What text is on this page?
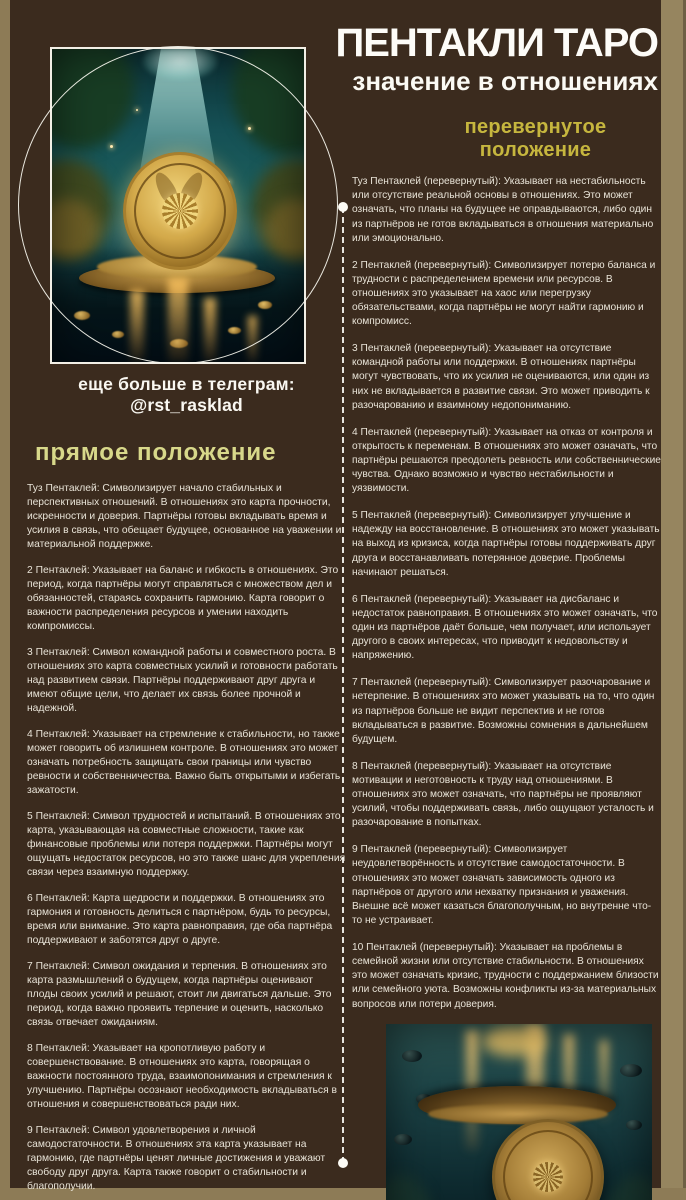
ПЕНТАКЛИ ТАРО
значение в отношениях
еще больше в телеграм: @rst_rasklad
прямое положение

Туз Пентаклей: Символизирует начало стабильных и перспективных отношений. В отношениях это карта прочности, искренности и доверия. Партнёры готовы вкладывать время и усилия в связь, что обещает будущее, основанное на уважении и материальной поддержке.

2 Пентаклей: Указывает на баланс и гибкость в отношениях. Это период, когда партнёры могут справляться с множеством дел и обязанностей, стараясь сохранить гармонию. Карта говорит о важности распределения ресурсов и умении находить компромиссы.

3 Пентаклей: Символ командной работы и совместного роста. В отношениях это карта совместных усилий и готовности работать над развитием связи. Партнёры поддерживают друг друга и имеют общие цели, что делает их связь более прочной и надежной.

4 Пентаклей: Указывает на стремление к стабильности, но также может говорить об излишнем контроле. В отношениях это может означать потребность защищать свои границы или чувство ревности и собственничества. Важно быть открытыми и избегать зажатости.

5 Пентаклей: Символ трудностей и испытаний. В отношениях это карта, указывающая на совместные сложности, такие как финансовые проблемы или потеря поддержки. Партнёры могут ощущать недостаток ресурсов, но это также шанс для укрепления связи через взаимную поддержку.

6 Пентаклей: Карта щедрости и поддержки. В отношениях это гармония и готовность делиться с партнёром, будь то ресурсы, время или внимание. Это карта равноправия, где оба партнёра поддерживают и заботятся друг о друге.

7 Пентаклей: Символ ожидания и терпения. В отношениях это карта размышлений о будущем, когда партнёры оценивают плоды своих усилий и решают, стоит ли двигаться дальше. Это период, когда важно проявить терпение и оценить, насколько связь отвечает ожиданиям.

8 Пентаклей: Указывает на кропотливую работу и совершенствование. В отношениях это карта, говорящая о важности постоянного труда, взаимопонимания и стремления к улучшению. Партнёры осознают необходимость вкладываться в отношения и совершенствоваться ради них.

9 Пентаклей: Символ удовлетворения и личной самодостаточности. В отношениях эта карта указывает на гармонию, где партнёры ценят личные достижения и уважают свободу друг друга. Карта также говорит о стабильности и благополучии.

перевернутое положение

Туз Пентаклей (перевернутый): Указывает на нестабильность или отсутствие реальной основы в отношениях. Это может означать, что планы на будущее не оправдываются, либо один из партнёров не готов вкладываться в отношения материально или эмоционально.

2 Пентаклей (перевернутый): Символизирует потерю баланса и трудности с распределением времени или ресурсов. В отношениях это указывает на хаос или перегрузку обязательствами, когда партнёры не могут найти гармонию и компромисс.

3 Пентаклей (перевернутый): Указывает на отсутствие командной работы или поддержки. В отношениях партнёры могут чувствовать, что их усилия не оцениваются, или один из них не вкладывается в развитие связи. Это может приводить к разочарованию и взаимному недопониманию.

4 Пентаклей (перевернутый): Указывает на отказ от контроля и открытость к переменам. В отношениях это может означать, что партнёры решаются преодолеть ревность или собственнические чувства. Однако возможно и чувство нестабильности и уязвимости.

5 Пентаклей (перевернутый): Символизирует улучшение и надежду на восстановление. В отношениях это может указывать на выход из кризиса, когда партнёры готовы поддерживать друг друга и восстанавливать потерянное доверие. Проблемы начинают решаться.

6 Пентаклей (перевернутый): Указывает на дисбаланс и недостаток равноправия. В отношениях это может означать, что один из партнёров даёт больше, чем получает, или использует другого в своих интересах, что приводит к недовольству и напряжению.

7 Пентаклей (перевернутый): Символизирует разочарование и нетерпение. В отношениях это может указывать на то, что один из партнёров больше не видит перспектив и не готов вкладываться в развитие. Возможны сомнения в дальнейшем будущем.

8 Пентаклей (перевернутый): Указывает на отсутствие мотивации и неготовность к труду над отношениями. В отношениях это может означать, что партнёры не проявляют усилий, чтобы поддерживать связь, либо ощущают усталость и разочарование в попытках.

9 Пентаклей (перевернутый): Символизирует неудовлетворённость и отсутствие самодостаточности. В отношениях это может означать зависимость одного из партнёров от другого или нехватку признания и уважения. Внешне всё может казаться благополучным, но внутренне что-то не устраивает.

10 Пентаклей (перевернутый): Указывает на проблемы в семейной жизни или отсутствие стабильности. В отношениях это может означать кризис, трудности с поддержанием близости или семейного уюта. Возможны конфликты из-за материальных вопросов или потери доверия.
